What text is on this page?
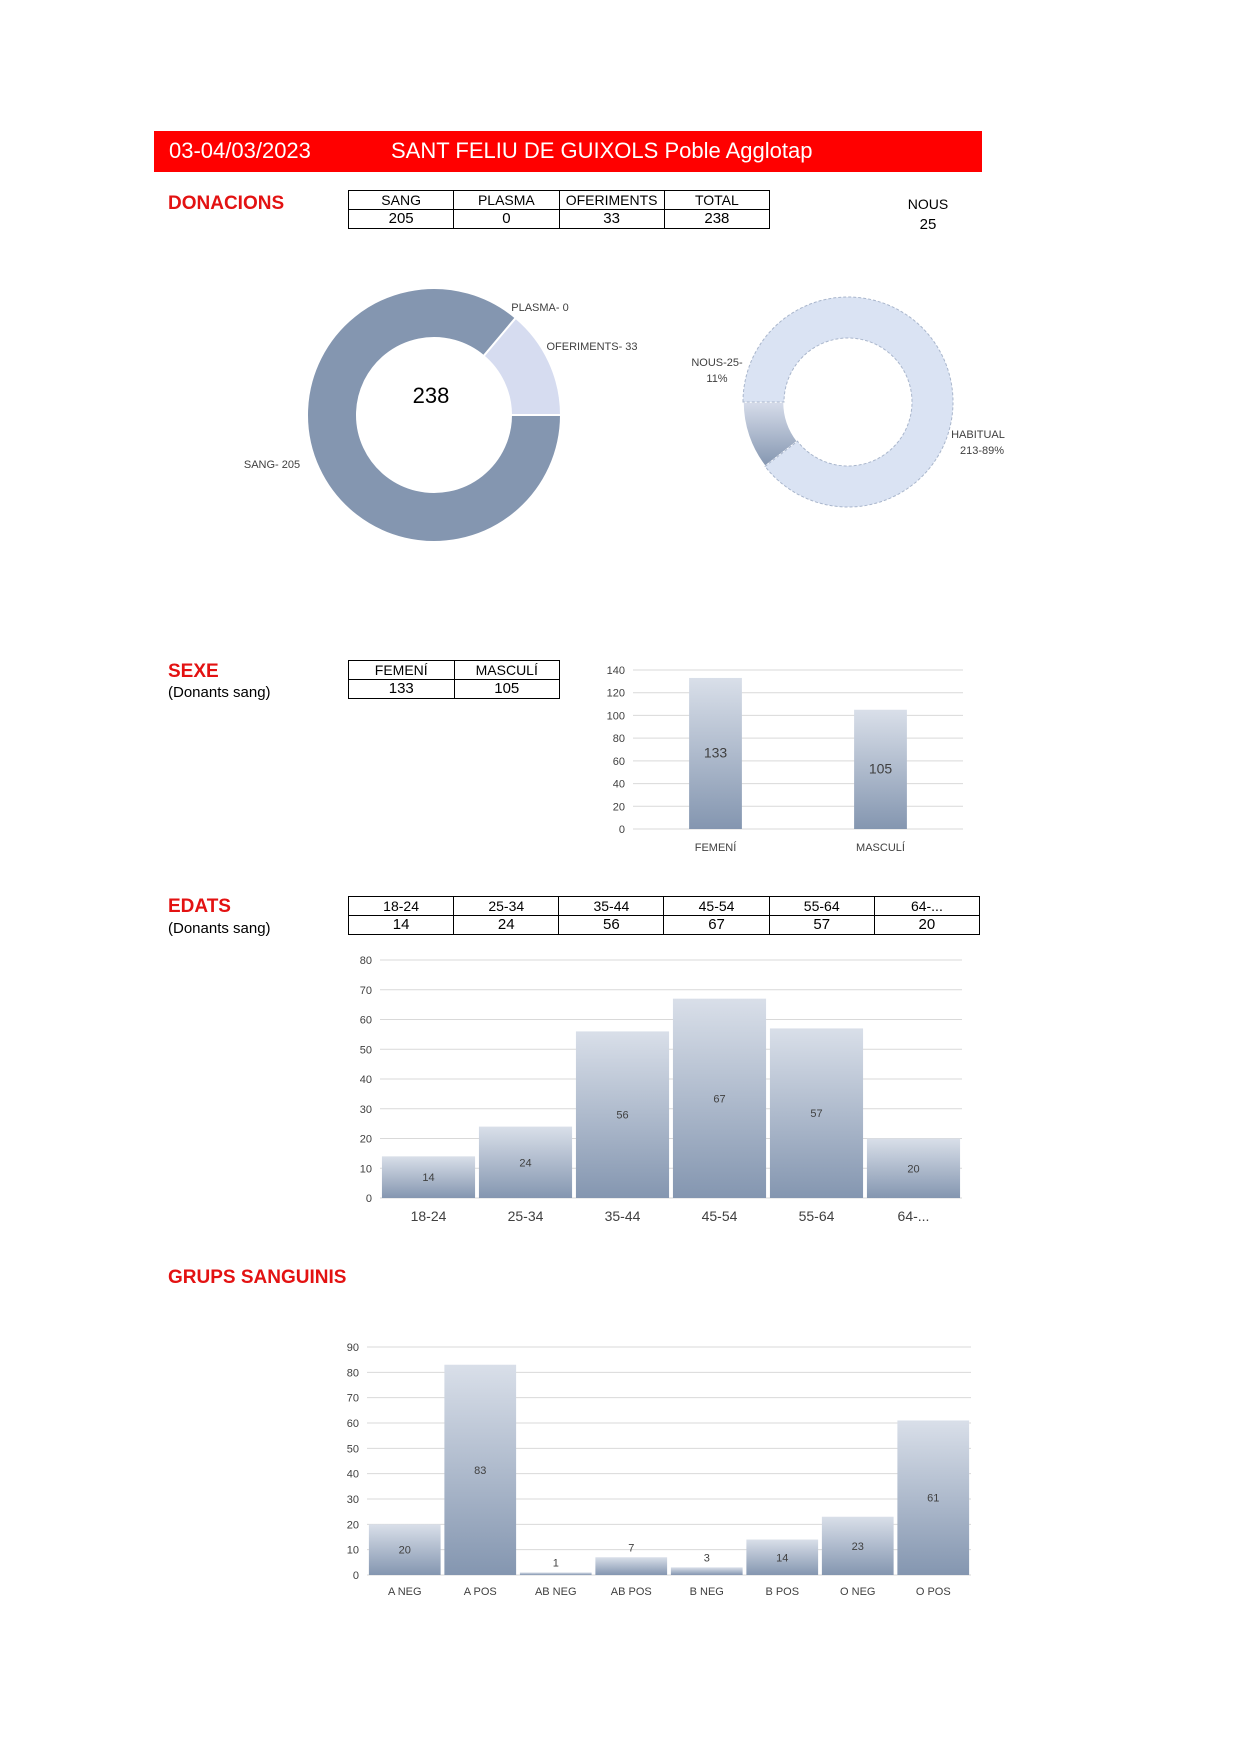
03-04/03/2023	SANT FELIU DE GUIXOLS Poble Agglotap
DONACIONS	SANG	PLASMA	OFERIMENTS	TOTAL
205	0	33	238
NOUS
25
SANG- 205
PLASMA- 0
OFERIMENTS- 33
238
NOUS-25-
11%
HABITUAL
213-89%
SEXE
(Donants sang)
FEMENÍ	MASCULÍ
133	105
0
20
40
60
80
100
120
140
133
FEMENÍ
105
MASCULÍ
EDATS
(Donants sang)
18-24	25-34	35-44	45-54	55-64	64-...
14	24	56	67	57	20
0
10
20
30
40
50
60
70
80
14
18-24
24
25-34
56
35-44
67
45-54
57
55-64
20
64-...
GRUPS SANGUINIS
0
10
20
30
40
50
60
70
80
90
20
A NEG
83
A POS
1
AB NEG
7
AB POS
3
B NEG
14
B POS
23
O NEG
61
O POS
